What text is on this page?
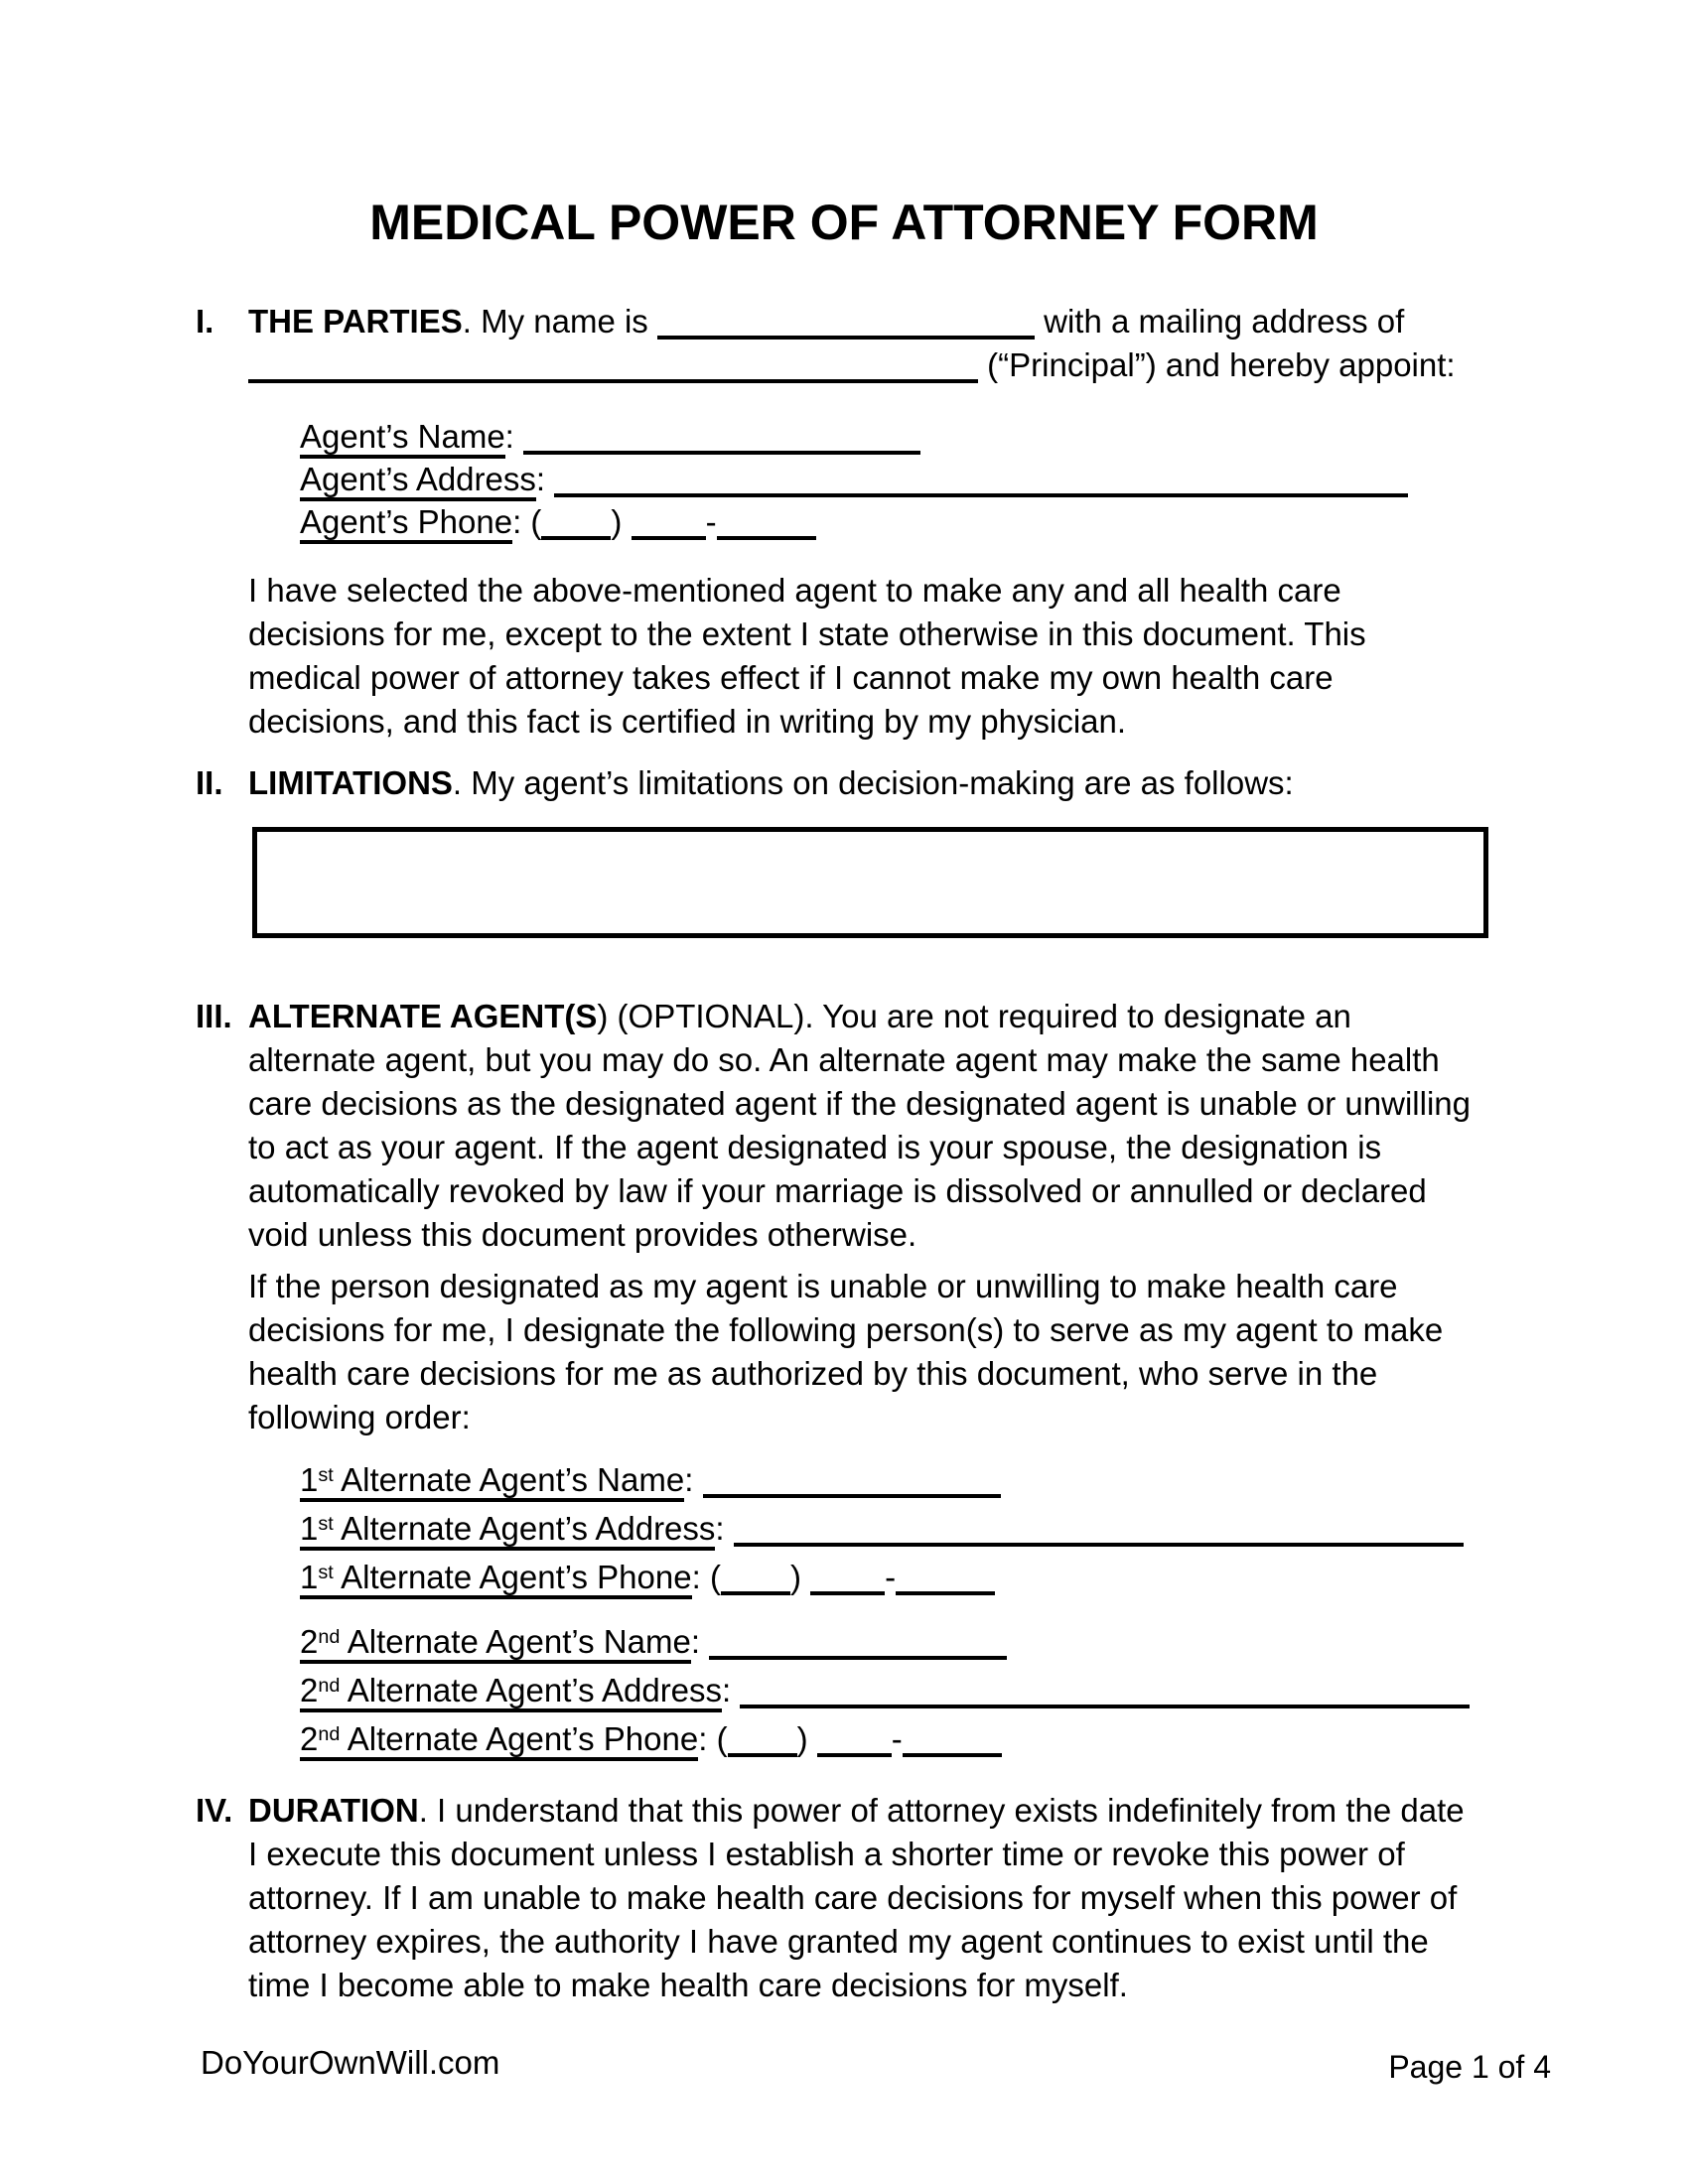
MEDICAL POWER OF ATTORNEY FORM
I. THE PARTIES. My name is	with a mailing address of  (“Principal”) and hereby appoint:
Agent’s Name:
Agent’s Address:
Agent’s Phone: ( ) -
I have selected the above-mentioned agent to make any and all health care decisions for me, except to the extent I state otherwise in this document. This medical power of attorney takes effect if I cannot make my own health care decisions, and this fact is certified in writing by my physician.
II. LIMITATIONS. My agent’s limitations on decision-making are as follows:
III. ALTERNATE AGENT(S) (OPTIONAL). You are not required to designate an alternate agent, but you may do so. An alternate agent may make the same health care decisions as the designated agent if the designated agent is unable or unwilling to act as your agent. If the agent designated is your spouse, the designation is automatically revoked by law if your marriage is dissolved or annulled or declared void unless this document provides otherwise.
If the person designated as my agent is unable or unwilling to make health care decisions for me, I designate the following person(s) to serve as my agent to make health care decisions for me as authorized by this document, who serve in the following order:
1st Alternate Agent’s Name:
1st Alternate Agent’s Address:
1st Alternate Agent’s Phone: ( ) -
2nd Alternate Agent’s Name:
2nd Alternate Agent’s Address:
2nd Alternate Agent’s Phone: ( ) -
IV. DURATION. I understand that this power of attorney exists indefinitely from the date I execute this document unless I establish a shorter time or revoke this power of attorney. If I am unable to make health care decisions for myself when this power of attorney expires, the authority I have granted my agent continues to exist until the time I become able to make health care decisions for myself.
DoYourOwnWill.com	Page 1 of 4
